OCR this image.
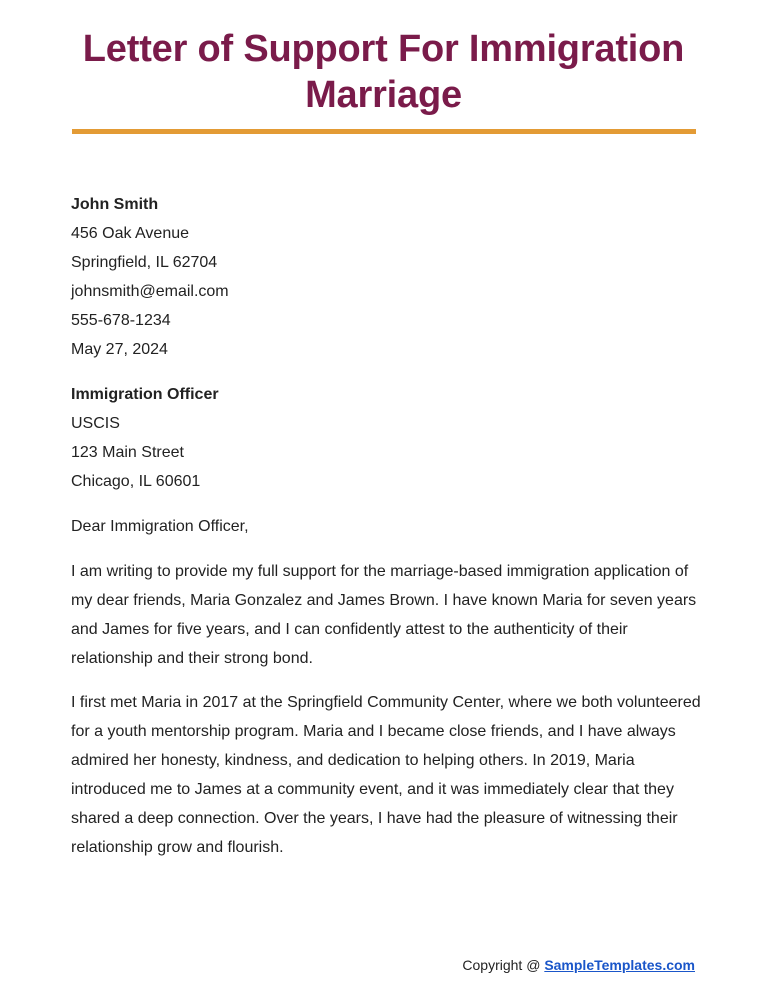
Letter of Support For Immigration Marriage
John Smith
456 Oak Avenue
Springfield, IL 62704
johnsmith@email.com
555-678-1234
May 27, 2024
Immigration Officer
USCIS
123 Main Street
Chicago, IL 60601

Dear Immigration Officer,

I am writing to provide my full support for the marriage-based immigration application of my dear friends, Maria Gonzalez and James Brown. I have known Maria for seven years and James for five years, and I can confidently attest to the authenticity of their relationship and their strong bond.

I first met Maria in 2017 at the Springfield Community Center, where we both volunteered for a youth mentorship program. Maria and I became close friends, and I have always admired her honesty, kindness, and dedication to helping others. In 2019, Maria introduced me to James at a community event, and it was immediately clear that they shared a deep connection. Over the years, I have had the pleasure of witnessing their relationship grow and flourish.

Copyright @ SampleTemplates.com
